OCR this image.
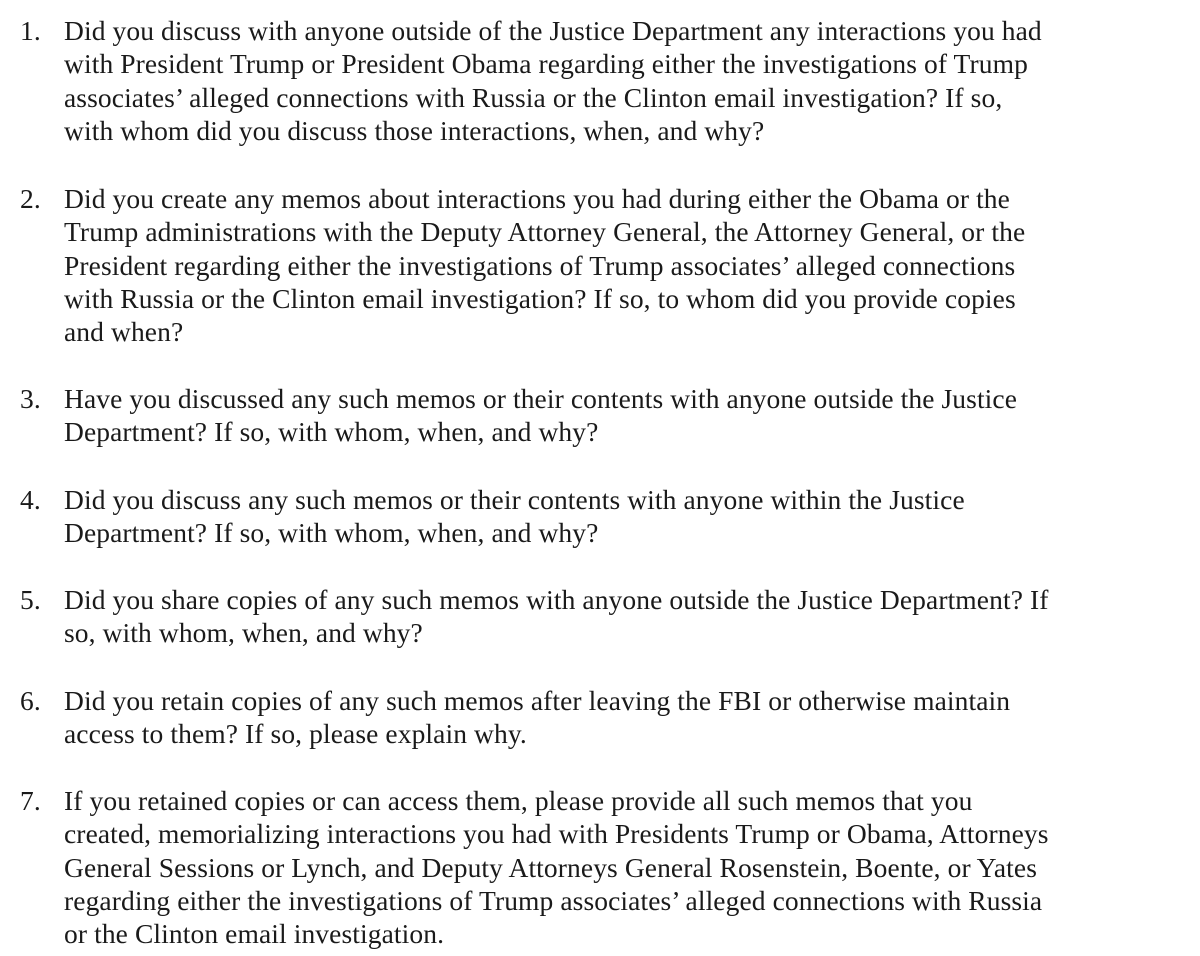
1. Did you discuss with anyone outside of the Justice Department any interactions you had
with President Trump or President Obama regarding either the investigations of Trump
associates’ alleged connections with Russia or the Clinton email investigation? If so,
with whom did you discuss those interactions, when, and why?
2. Did you create any memos about interactions you had during either the Obama or the
Trump administrations with the Deputy Attorney General, the Attorney General, or the
President regarding either the investigations of Trump associates’ alleged connections
with Russia or the Clinton email investigation? If so, to whom did you provide copies
and when?
3. Have you discussed any such memos or their contents with anyone outside the Justice
Department? If so, with whom, when, and why?
4. Did you discuss any such memos or their contents with anyone within the Justice
Department? If so, with whom, when, and why?
5. Did you share copies of any such memos with anyone outside the Justice Department? If
so, with whom, when, and why?
6. Did you retain copies of any such memos after leaving the FBI or otherwise maintain
access to them? If so, please explain why.
7. If you retained copies or can access them, please provide all such memos that you
created, memorializing interactions you had with Presidents Trump or Obama, Attorneys
General Sessions or Lynch, and Deputy Attorneys General Rosenstein, Boente, or Yates
regarding either the investigations of Trump associates’ alleged connections with Russia
or the Clinton email investigation.
